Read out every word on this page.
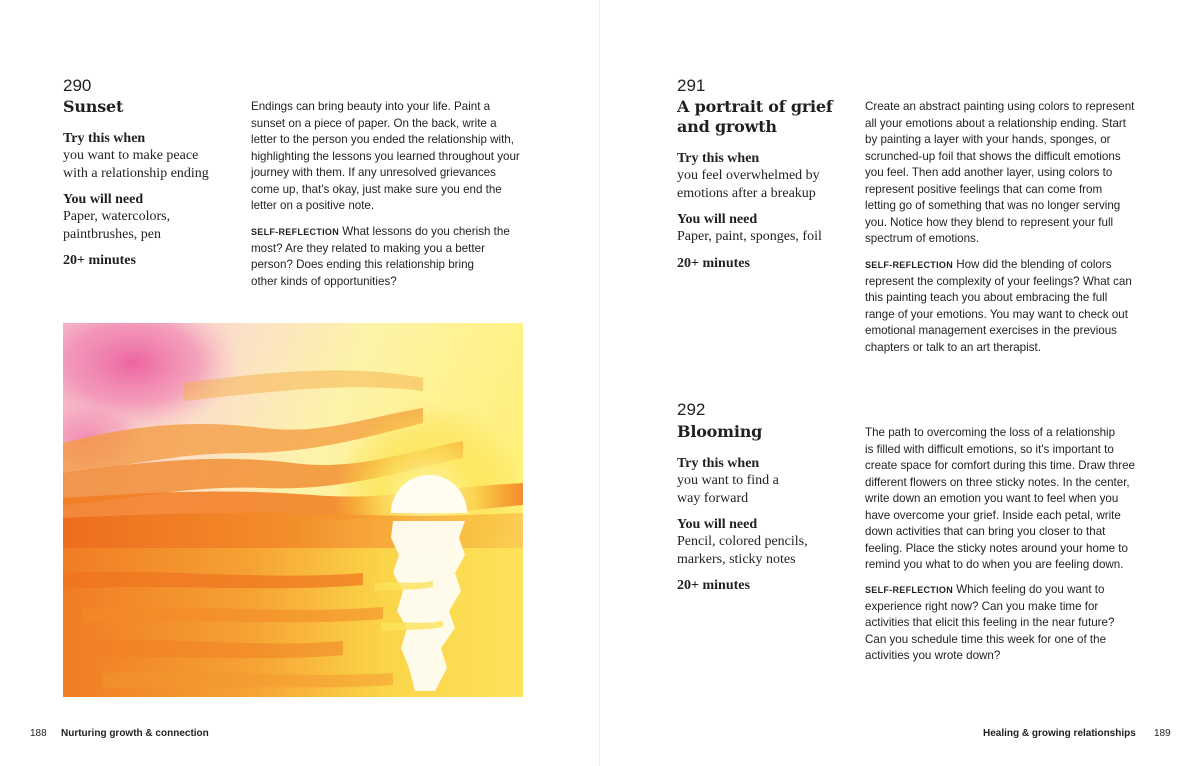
290
Sunset

Try this when

you want to make peace

with a relationship ending

You will need

Paper, watercolors,

paintbrushes, pen

20+ minutes

Endings can bring beauty into your life. Paint a
sunset on a piece of paper. On the back, write a
letter to the person you ended the relationship with,
highlighting the lessons you learned throughout your
journey with them. If any unresolved grievances
come up, that's okay, just make sure you end the
letter on a positive note.
SELF-REFLECTION What lessons do you cherish the
most? Are they related to making you a better
person? Does ending this relationship bring
other kinds of opportunities?
188 Nurturing growth & connection
291
A portrait of grief
and growth

Try this when

you feel overwhelmed by

emotions after a breakup

You will need

Paper, paint, sponges, foil

20+ minutes

Create an abstract painting using colors to represent
all your emotions about a relationship ending. Start
by painting a layer with your hands, sponges, or
scrunched-up foil that shows the difficult emotions
you feel. Then add another layer, using colors to
represent positive feelings that can come from
letting go of something that was no longer serving
you. Notice how they blend to represent your full
spectrum of emotions.
SELF-REFLECTION How did the blending of colors
represent the complexity of your feelings? What can
this painting teach you about embracing the full
range of your emotions. You may want to check out
emotional management exercises in the previous
chapters or talk to an art therapist.
292
Blooming

Try this when

you want to find a

way forward

You will need

Pencil, colored pencils,

markers, sticky notes

20+ minutes

The path to overcoming the loss of a relationship
is filled with difficult emotions, so it's important to
create space for comfort during this time. Draw three
different flowers on three sticky notes. In the center,
write down an emotion you want to feel when you
have overcome your grief. Inside each petal, write
down activities that can bring you closer to that
feeling. Place the sticky notes around your home to
remind you what to do when you are feeling down.
SELF-REFLECTION Which feeling do you want to
experience right now? Can you make time for
activities that elicit this feeling in the near future?
Can you schedule time this week for one of the
activities you wrote down?
Healing & growing relationships 189
